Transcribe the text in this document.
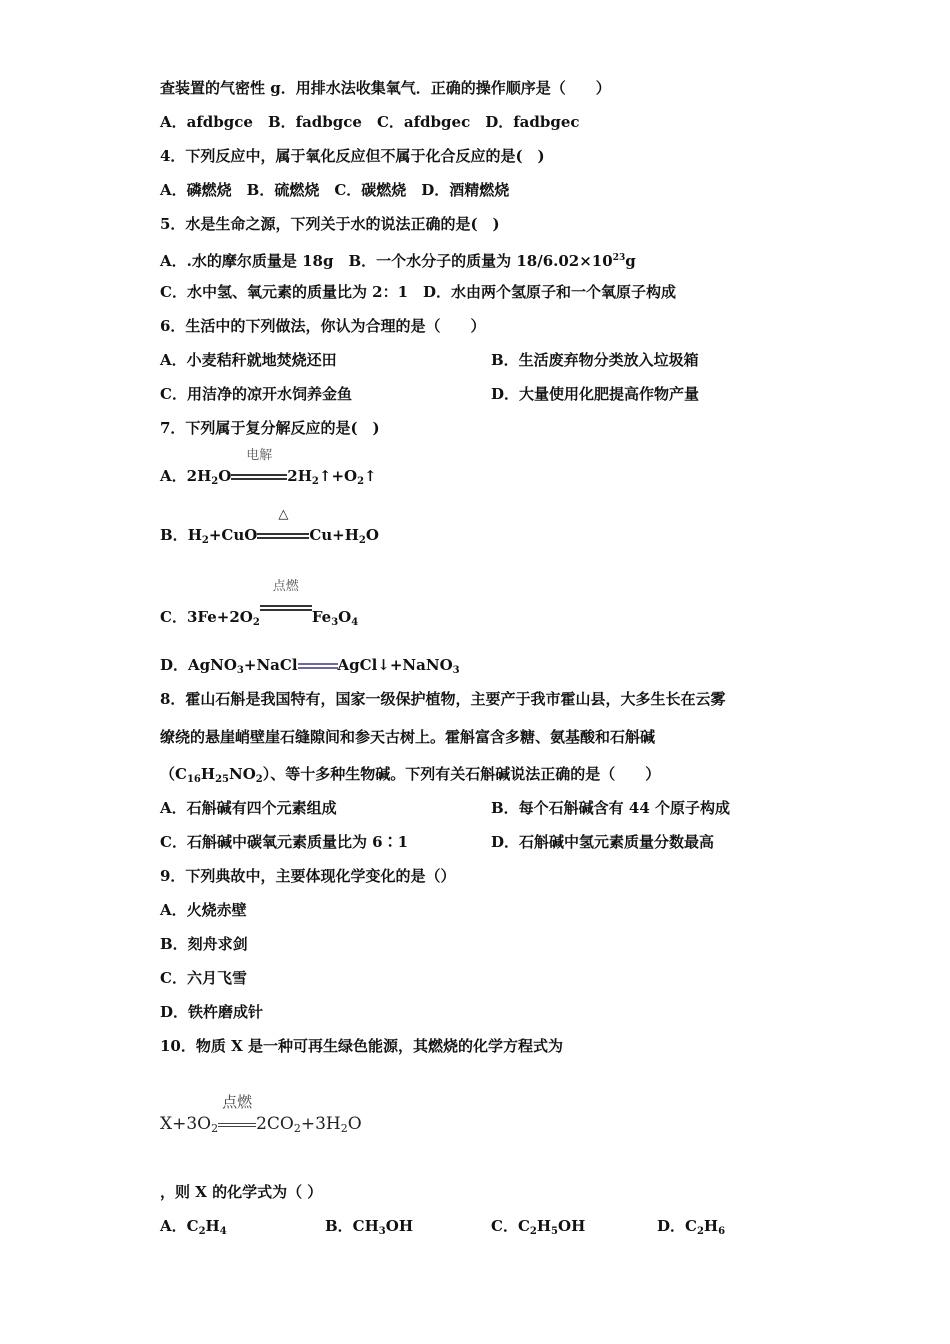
查装置的气密性 g．用排水法收集氧气．正确的操作顺序是（　　）
A．afdbgce　B．fadbgce　C．afdbgec　D．fadbgec
4．下列反应中，属于氧化反应但不属于化合反应的是(　)
A．磷燃烧　B．硫燃烧　C．碳燃烧　D．酒精燃烧
5．水是生命之源，下列关于水的说法正确的是(　)
A．.水的摩尔质量是 18g　B．一个水分子的质量为 $18/6.02\times 10^{23}g$
C．水中氢、氧元素的质量比为 2：1　D．水由两个氢原子和一个氧原子构成
6．生活中的下列做法，你认为合理的是（　　）
A．小麦秸秆就地焚烧还田	B．生活废弃物分类放入垃圾箱
C．用洁净的凉开水饲养金鱼	D．大量使用化肥提高作物产量
7．下列属于复分解反应的是(　)
A．$2H_2O$
电解
$2H_2↑+O_2↑$
B．$H_2+CuO$
△
$Cu+H_2O$
C．$3Fe+2O_2$
点燃
$Fe_3O_4$
D．AgNO$_3$+NaCl	AgCl↓+NaNO$_3$
8．霍山石斛是我国特有，国家一级保护植物，主要产于我市霍山县，大多生长在云雾
缭绕的悬崖峭壁崖石缝隙间和参天古树上。霍斛富含多糖、氨基酸和石斛碱
$(C_{16}H_{25}NO_2)$、等十多种生物碱。下列有关石斛碱说法正确的是（　　）
A．石斛碱有四个元素组成	B．每个石斛碱含有 44 个原子构成
C．石斛碱中碳氧元素质量比为 6∶1	D．石斛碱中氢元素质量分数最高
9．下列典故中，主要体现化学变化的是（）
A．火烧赤壁
B．刻舟求剑
C．六月飞雪
D．铁杵磨成针
10．物质 X 是一种可再生绿色能源，其燃烧的化学方程式为
$X+3O_2$
点燃
$2CO_2+3H_2O$
，则 X 的化学式为（ ）
A．$C_2H_4$	B．$CH_3OH$	C．$C_2H_5OH$	D．$C_2H_6$
